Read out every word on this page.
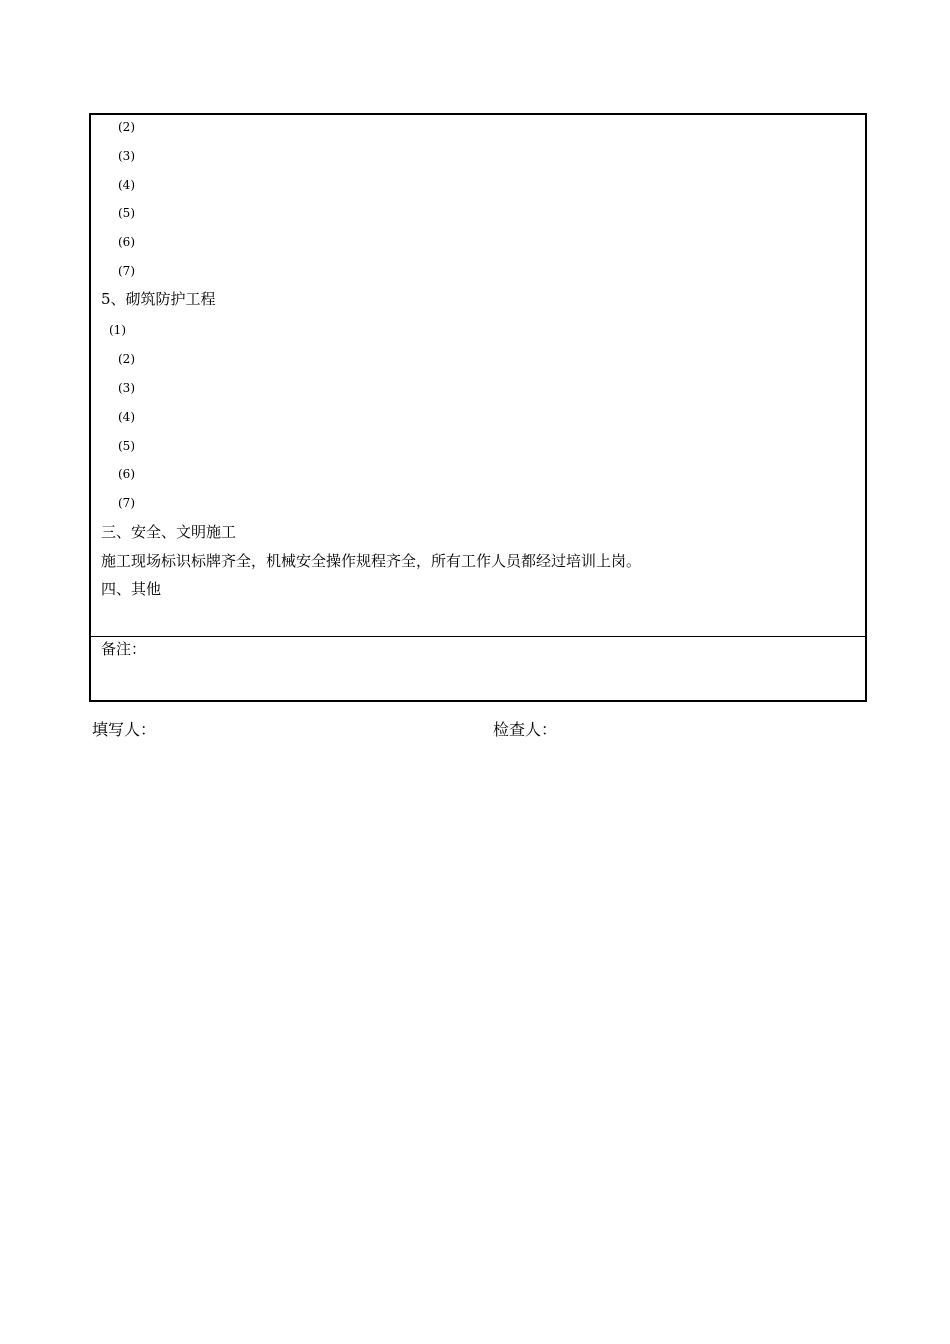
(2)
(3)
(4)
(5)
(6)
(7)
5、砌筑防护工程
(1)
(2)
(3)
(4)
(5)
(6)
(7)
三、安全、文明施工
施工现场标识标牌齐全，机械安全操作规程齐全，所有工作人员都经过培训上岗。
四、其他
备注：
填写人：	检查人：
